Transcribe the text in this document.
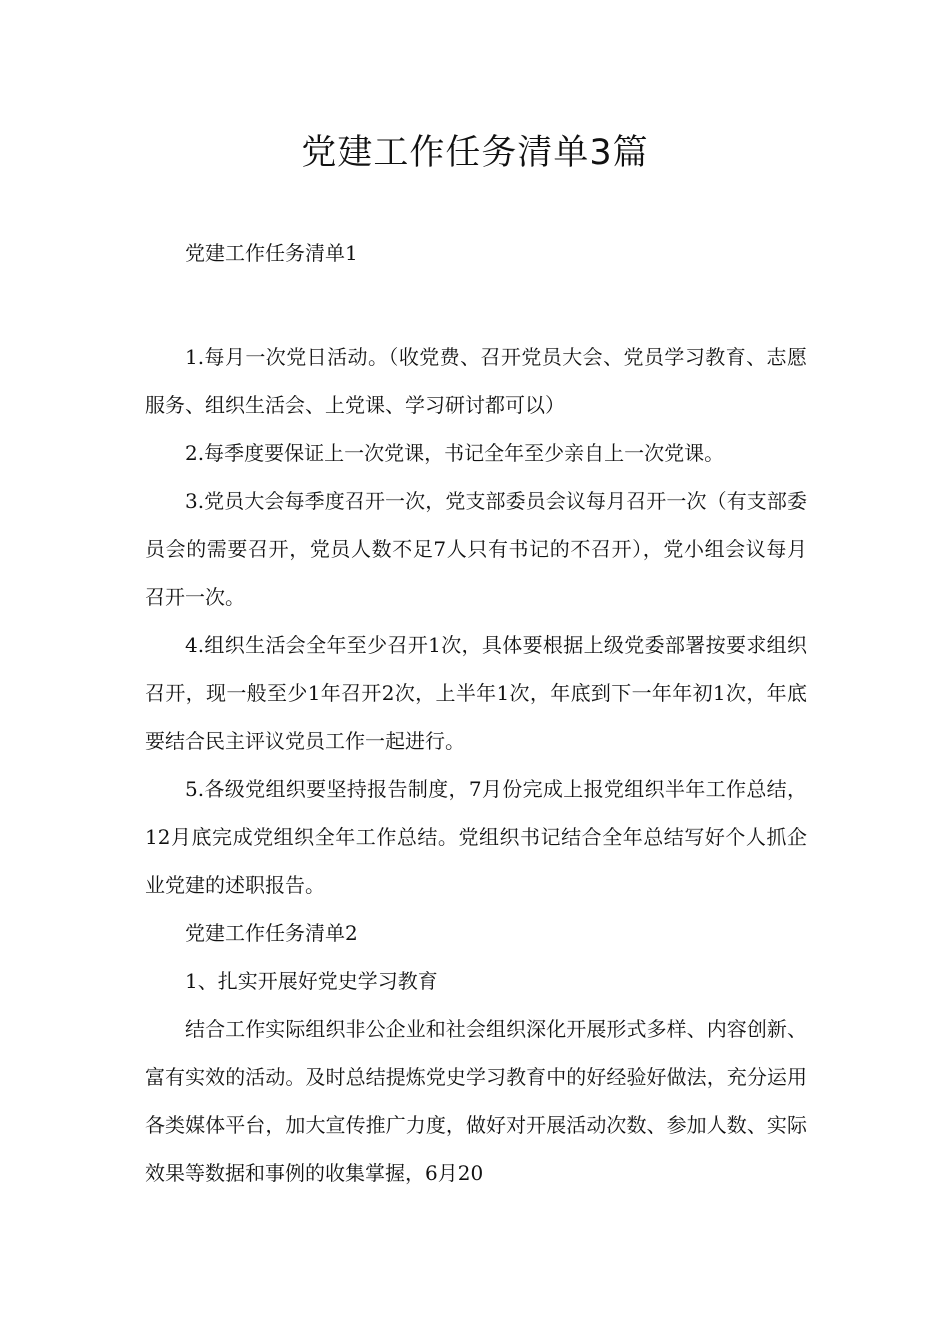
党建工作任务清单3篇

党建工作任务清单1

1.每月一次党日活动。（收党费、召开党员大会、党员学习教育、志愿服务、组织生活会、上党课、学习研讨都可以）

2.每季度要保证上一次党课，书记全年至少亲自上一次党课。

3.党员大会每季度召开一次，党支部委员会议每月召开一次（有支部委员会的需要召开，党员人数不足7人只有书记的不召开），党小组会议每月召开一次。

4.组织生活会全年至少召开1次，具体要根据上级党委部署按要求组织召开，现一般至少1年召开2次，上半年1次，年底到下一年年初1次，年底要结合民主评议党员工作一起进行。

5.各级党组织要坚持报告制度，7月份完成上报党组织半年工作总结，12月底完成党组织全年工作总结。党组织书记结合全年总结写好个人抓企业党建的述职报告。

党建工作任务清单2

1、扎实开展好党史学习教育

结合工作实际组织非公企业和社会组织深化开展形式多样、内容创新、富有实效的活动。及时总结提炼党史学习教育中的好经验好做法，充分运用各类媒体平台，加大宣传推广力度，做好对开展活动次数、参加人数、实际效果等数据和事例的收集掌握，6月20
